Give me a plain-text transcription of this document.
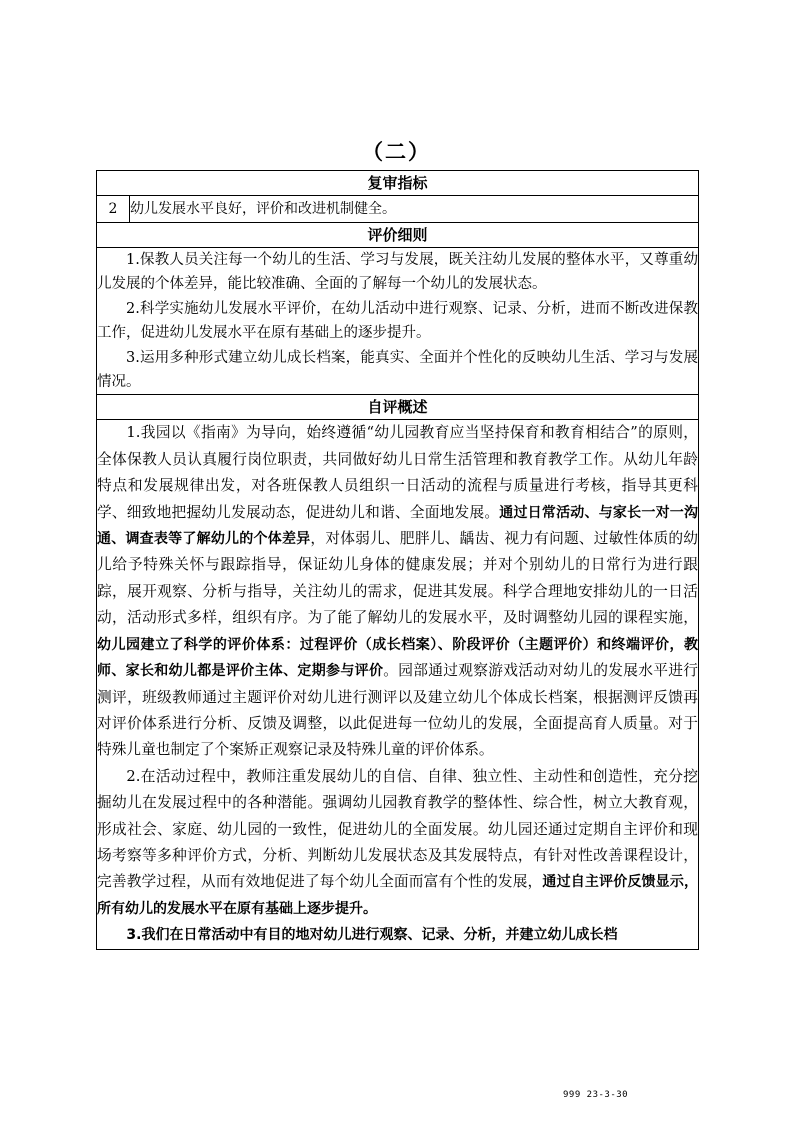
（二）
复审指标
2	幼儿发展水平良好，评价和改进机制健全。
评价细则

1.保教人员关注每一个幼儿的生活、学习与发展，既关注幼儿发展的整体水平，又尊重幼儿发展的个体差异，能比较准确、全面的了解每一个幼儿的发展状态。

2.科学实施幼儿发展水平评价，在幼儿活动中进行观察、记录、分析，进而不断改进保教工作，促进幼儿发展水平在原有基础上的逐步提升。

3.运用多种形式建立幼儿成长档案，能真实、全面并个性化的反映幼儿生活、学习与发展情况。

自评概述

1.我园以《指南》为导向，始终遵循“幼儿园教育应当坚持保育和教育相结合”的原则，全体保教人员认真履行岗位职责，共同做好幼儿日常生活管理和教育教学工作。从幼儿年龄特点和发展规律出发，对各班保教人员组织一日活动的流程与质量进行考核，指导其更科学、细致地把握幼儿发展动态，促进幼儿和谐、全面地发展。通过日常活动、与家长一对一沟通、调查表等了解幼儿的个体差异，对体弱儿、肥胖儿、龋齿、视力有问题、过敏性体质的幼儿给予特殊关怀与跟踪指导，保证幼儿身体的健康发展；并对个别幼儿的日常行为进行跟踪，展开观察、分析与指导，关注幼儿的需求，促进其发展。科学合理地安排幼儿的一日活动，活动形式多样，组织有序。为了能了解幼儿的发展水平，及时调整幼儿园的课程实施，幼儿园建立了科学的评价体系：过程评价（成长档案）、阶段评价（主题评价）和终端评价，教师、家长和幼儿都是评价主体、定期参与评价。园部通过观察游戏活动对幼儿的发展水平进行测评，班级教师通过主题评价对幼儿进行测评以及建立幼儿个体成长档案，根据测评反馈再对评价体系进行分析、反馈及调整，以此促进每一位幼儿的发展，全面提高育人质量。对于特殊儿童也制定了个案矫正观察记录及特殊儿童的评价体系。

2.在活动过程中，教师注重发展幼儿的自信、自律、独立性、主动性和创造性，充分挖掘幼儿在发展过程中的各种潜能。强调幼儿园教育教学的整体性、综合性，树立大教育观，形成社会、家庭、幼儿园的一致性，促进幼儿的全面发展。幼儿园还通过定期自主评价和现场考察等多种评价方式，分析、判断幼儿发展状态及其发展特点，有针对性改善课程设计，完善教学过程，从而有效地促进了每个幼儿全面而富有个性的发展，通过自主评价反馈显示，所有幼儿的发展水平在原有基础上逐步提升。

3.我们在日常活动中有目的地对幼儿进行观察、记录、分析，并建立幼儿成长档

999 23-3-30
